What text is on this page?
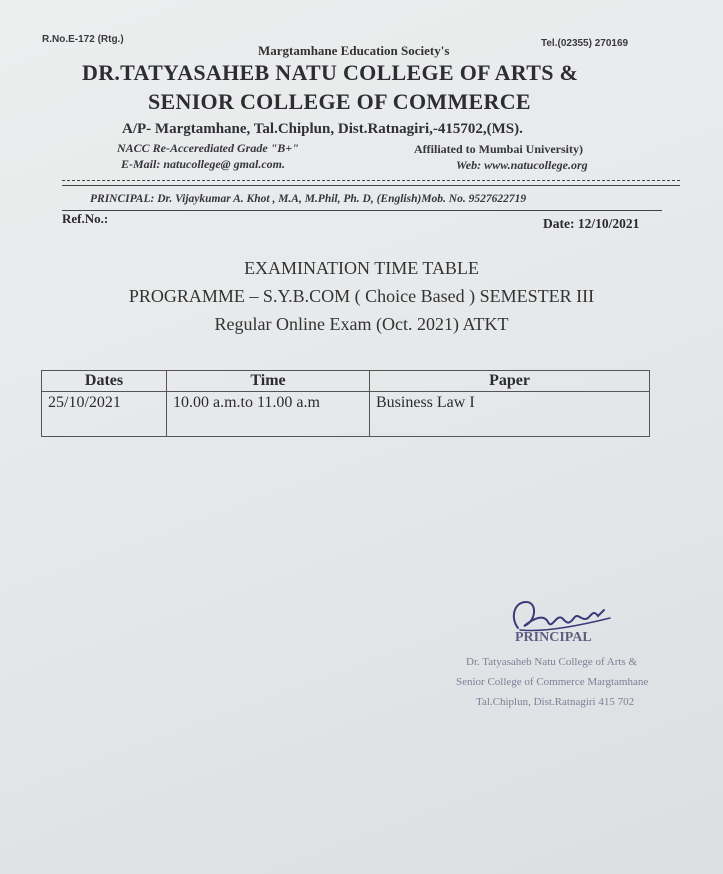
R.No.E-172 (Rtg.)	Tel.(02355) 270169
Margtamhane Education Society's
DR.TATYASAHEB NATU COLLEGE OF ARTS &
SENIOR COLLEGE OF COMMERCE
A/P- Margtamhane, Tal.Chiplun, Dist.Ratnagiri,-415702,(MS).
NACC Re-Accerediated Grade "B+"	Affiliated to Mumbai University)
E-Mail: natucollege@ gmal.com.	Web: www.natucollege.org
PRINCIPAL: Dr. Vijaykumar A. Khot , M.A, M.Phil, Ph. D, (English)Mob. No. 9527622719
Ref.No.:	Date: 12/10/2021
EXAMINATION TIME TABLE
PROGRAMME – S.Y.B.COM ( Choice Based ) SEMESTER III
Regular Online Exam (Oct. 2021) ATKT
Dates	Time	Paper
25/10/2021	10.00 a.m.to 11.00 a.m	Business Law I
PRINCIPAL
Dr. Tatyasaheb Natu College of Arts &
Senior College of Commerce Margtamhane
Tal.Chiplun, Dist.Ratnagiri 415 702
